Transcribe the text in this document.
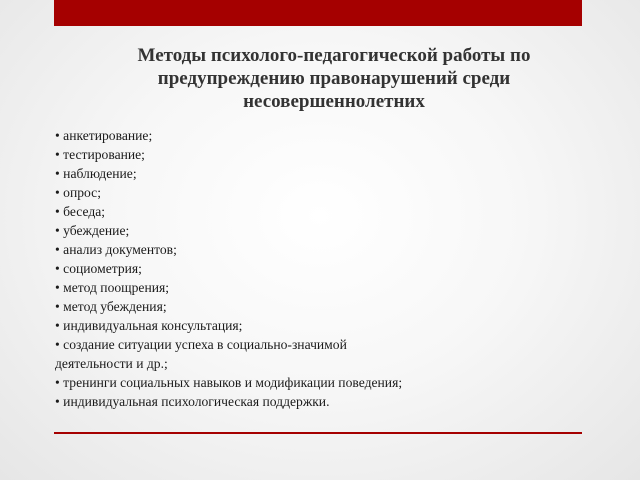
Методы психолого-педагогической работы по предупреждению правонарушений среди несовершеннолетних
• анкетирование;
• тестирование;
• наблюдение;
• опрос;
• беседа;
• убеждение;
• анализ документов;
• социометрия;
• метод поощрения;
• метод убеждения;
• индивидуальная консультация;
• создание ситуации успеха в социально-значимой
деятельности и др.;
• тренинги социальных навыков и модификации поведения;
• индивидуальная психологическая поддержки.
